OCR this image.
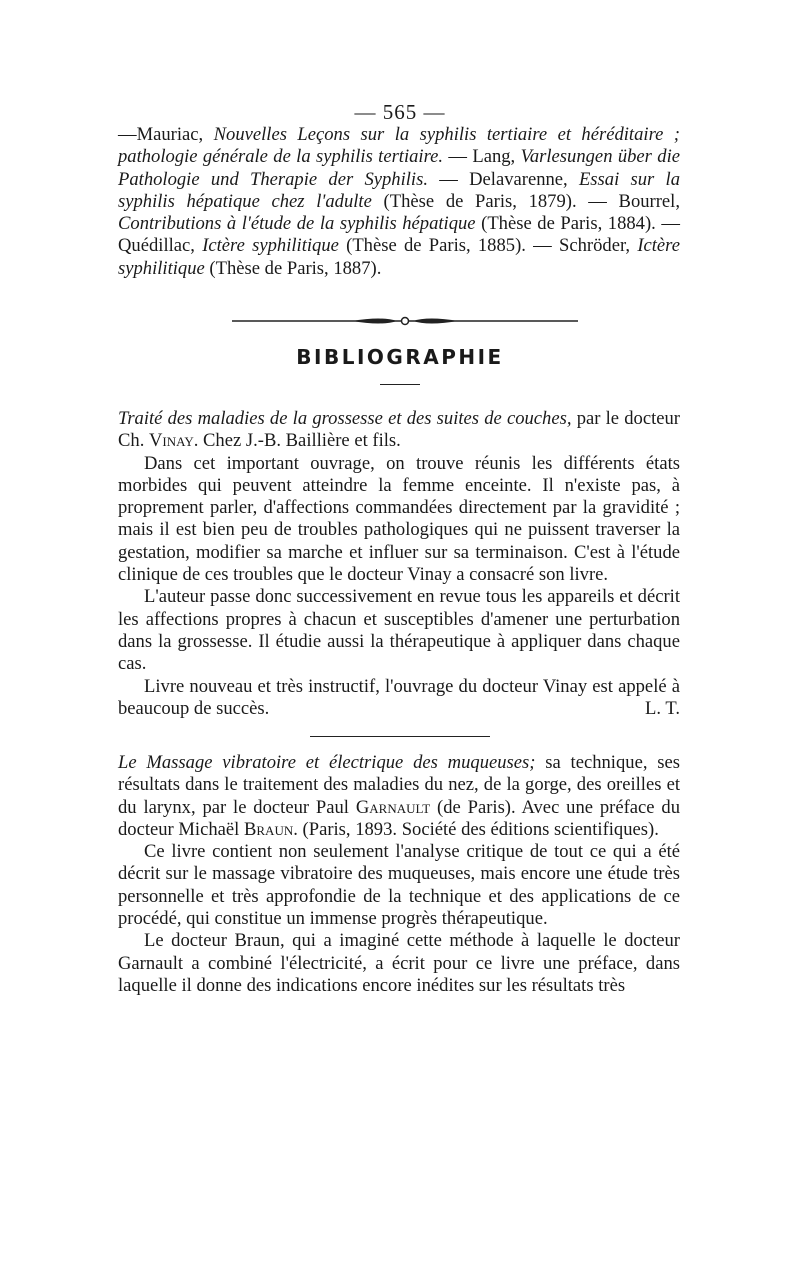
— 565 —

—Mauriac, Nouvelles Leçons sur la syphilis tertiaire et héréditaire ; pathologie générale de la syphilis tertiaire. — Lang, Varlesungen über die Pathologie und Therapie der Syphilis. — Delavarenne, Essai sur la syphilis hépatique chez l'adulte (Thèse de Paris, 1879). — Bourrel, Contributions à l'étude de la syphilis hépatique (Thèse de Paris, 1884). — Quédillac, Ictère syphilitique (Thèse de Paris, 1885). — Schröder, Ictère syphilitique (Thèse de Paris, 1887).

BIBLIOGRAPHIE

Traité des maladies de la grossesse et des suites de couches, par le docteur Ch. Vinay. Chez J.-B. Baillière et fils.

Dans cet important ouvrage, on trouve réunis les différents états morbides qui peuvent atteindre la femme enceinte. Il n'existe pas, à proprement parler, d'affections commandées directement par la gravidité ; mais il est bien peu de troubles pathologiques qui ne puissent traverser la gestation, modifier sa marche et influer sur sa terminaison. C'est à l'étude clinique de ces troubles que le docteur Vinay a consacré son livre.

L'auteur passe donc successivement en revue tous les appareils et décrit les affections propres à chacun et susceptibles d'amener une perturbation dans la grossesse. Il étudie aussi la thérapeutique à appliquer dans chaque cas.

Livre nouveau et très instructif, l'ouvrage du docteur Vinay est appelé à beaucoup de succès.	L. T.

Le Massage vibratoire et électrique des muqueuses; sa technique, ses résultats dans le traitement des maladies du nez, de la gorge, des oreilles et du larynx, par le docteur Paul Garnault (de Paris). Avec une préface du docteur Michaël Braun. (Paris, 1893. Société des éditions scientifiques).

Ce livre contient non seulement l'analyse critique de tout ce qui a été décrit sur le massage vibratoire des muqueuses, mais encore une étude très personnelle et très approfondie de la technique et des applications de ce procédé, qui constitue un immense progrès thérapeutique.

Le docteur Braun, qui a imaginé cette méthode à laquelle le docteur Garnault a combiné l'électricité, a écrit pour ce livre une préface, dans laquelle il donne des indications encore inédites sur les résultats très
